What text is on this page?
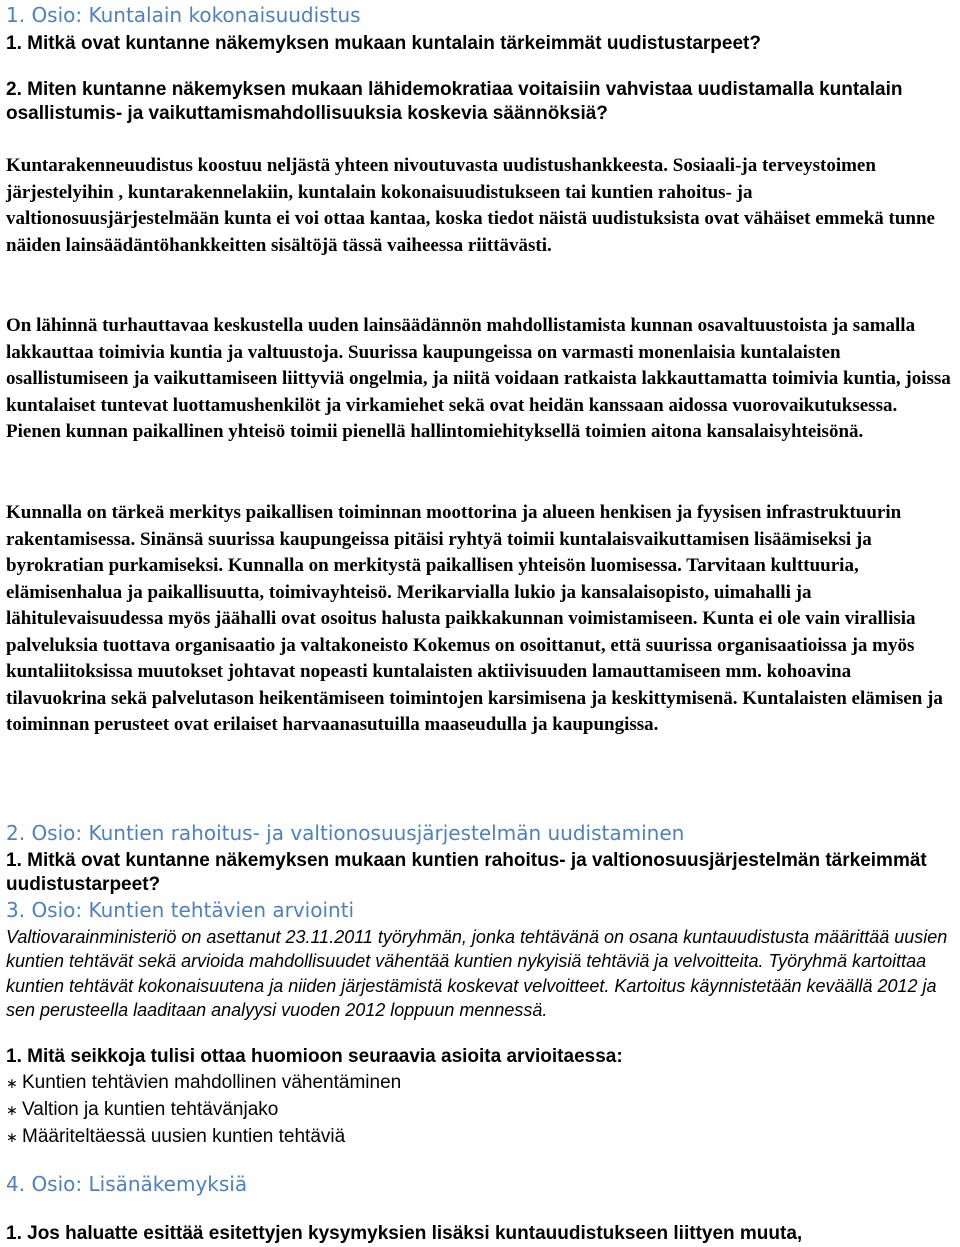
1. Osio: Kuntalain kokonaisuudistus

1. Mitkä ovat kuntanne näkemyksen mukaan kuntalain tärkeimmät uudistustarpeet?

2. Miten kuntanne näkemyksen mukaan lähidemokratiaa voitaisiin vahvistaa uudistamalla kuntalain osallistumis- ja vaikuttamismahdollisuuksia koskevia säännöksiä?

Kuntarakenneuudistus koostuu neljästä yhteen nivoutuvasta uudistushankkeesta. Sosiaali-ja terveystoimen järjestelyihin , kuntarakennelakiin, kuntalain kokonaisuudistukseen tai kuntien rahoitus- ja valtionosuusjärjestelmään kunta ei voi ottaa kantaa, koska tiedot näistä uudistuksista ovat vähäiset emmekä tunne näiden lainsäädäntöhankkeitten sisältöjä tässä vaiheessa riittävästi.

On lähinnä turhauttavaa keskustella uuden lainsäädännön mahdollistamista kunnan osavaltuustoista ja samalla lakkauttaa toimivia kuntia ja valtuustoja. Suurissa kaupungeissa on varmasti monenlaisia kuntalaisten osallistumiseen ja vaikuttamiseen liittyviä ongelmia, ja niitä voidaan ratkaista lakkauttamatta toimivia kuntia, joissa kuntalaiset tuntevat luottamushenkilöt ja virkamiehet sekä ovat heidän kanssaan aidossa vuorovaikutuksessa. Pienen kunnan paikallinen yhteisö toimii pienellä hallintomiehityksellä toimien aitona kansalaisyhteisönä.

Kunnalla on tärkeä merkitys paikallisen toiminnan moottorina ja alueen henkisen ja fyysisen infrastruktuurin rakentamisessa. Sinänsä suurissa kaupungeissa pitäisi ryhtyä toimii kuntalaisvaikuttamisen lisäämiseksi ja byrokratian purkamiseksi. Kunnalla on merkitystä paikallisen yhteisön luomisessa. Tarvitaan kulttuuria, elämisenhalua ja paikallisuutta, toimivayhteisö. Merikarvialla lukio ja kansalaisopisto, uimahalli ja lähitulevaisuudessa myös jäähalli ovat osoitus halusta paikkakunnan voimistamiseen. Kunta ei ole vain virallisia palveluksia tuottava organisaatio ja valtakoneisto Kokemus on osoittanut, että suurissa organisaatioissa ja myös kuntaliitoksissa muutokset johtavat nopeasti kuntalaisten aktiivisuuden lamauttamiseen mm. kohoavina tilavuokrina sekä palvelutason heikentämiseen toimintojen karsimisena ja keskittymisenä. Kuntalaisten elämisen ja toiminnan perusteet ovat erilaiset harvaanasutuilla maaseudulla ja kaupungissa.

2. Osio: Kuntien rahoitus- ja valtionosuusjärjestelmän uudistaminen

1. Mitkä ovat kuntanne näkemyksen mukaan kuntien rahoitus- ja valtionosuusjärjestelmän tärkeimmät uudistustarpeet?

3. Osio: Kuntien tehtävien arviointi

Valtiovarainministeriö on asettanut 23.11.2011 työryhmän, jonka tehtävänä on osana kuntauudistusta määrittää uusien kuntien tehtävät sekä arvioida mahdollisuudet vähentää kuntien nykyisiä tehtäviä ja velvoitteita. Työryhmä kartoittaa kuntien tehtävät kokonaisuutena ja niiden järjestämistä koskevat velvoitteet. Kartoitus käynnistetään keväällä 2012 ja sen perusteella laaditaan analyysi vuoden 2012 loppuun mennessä.

1. Mitä seikkoja tulisi ottaa huomioon seuraavia asioita arvioitaessa:

∗ Kuntien tehtävien mahdollinen vähentäminen
∗ Valtion ja kuntien tehtävänjako
∗ Määriteltäessä uusien kuntien tehtäviä
4. Osio: Lisänäkemyksiä

1. Jos haluatte esittää esitettyjen kysymyksien lisäksi kuntauudistukseen liittyen muuta,
